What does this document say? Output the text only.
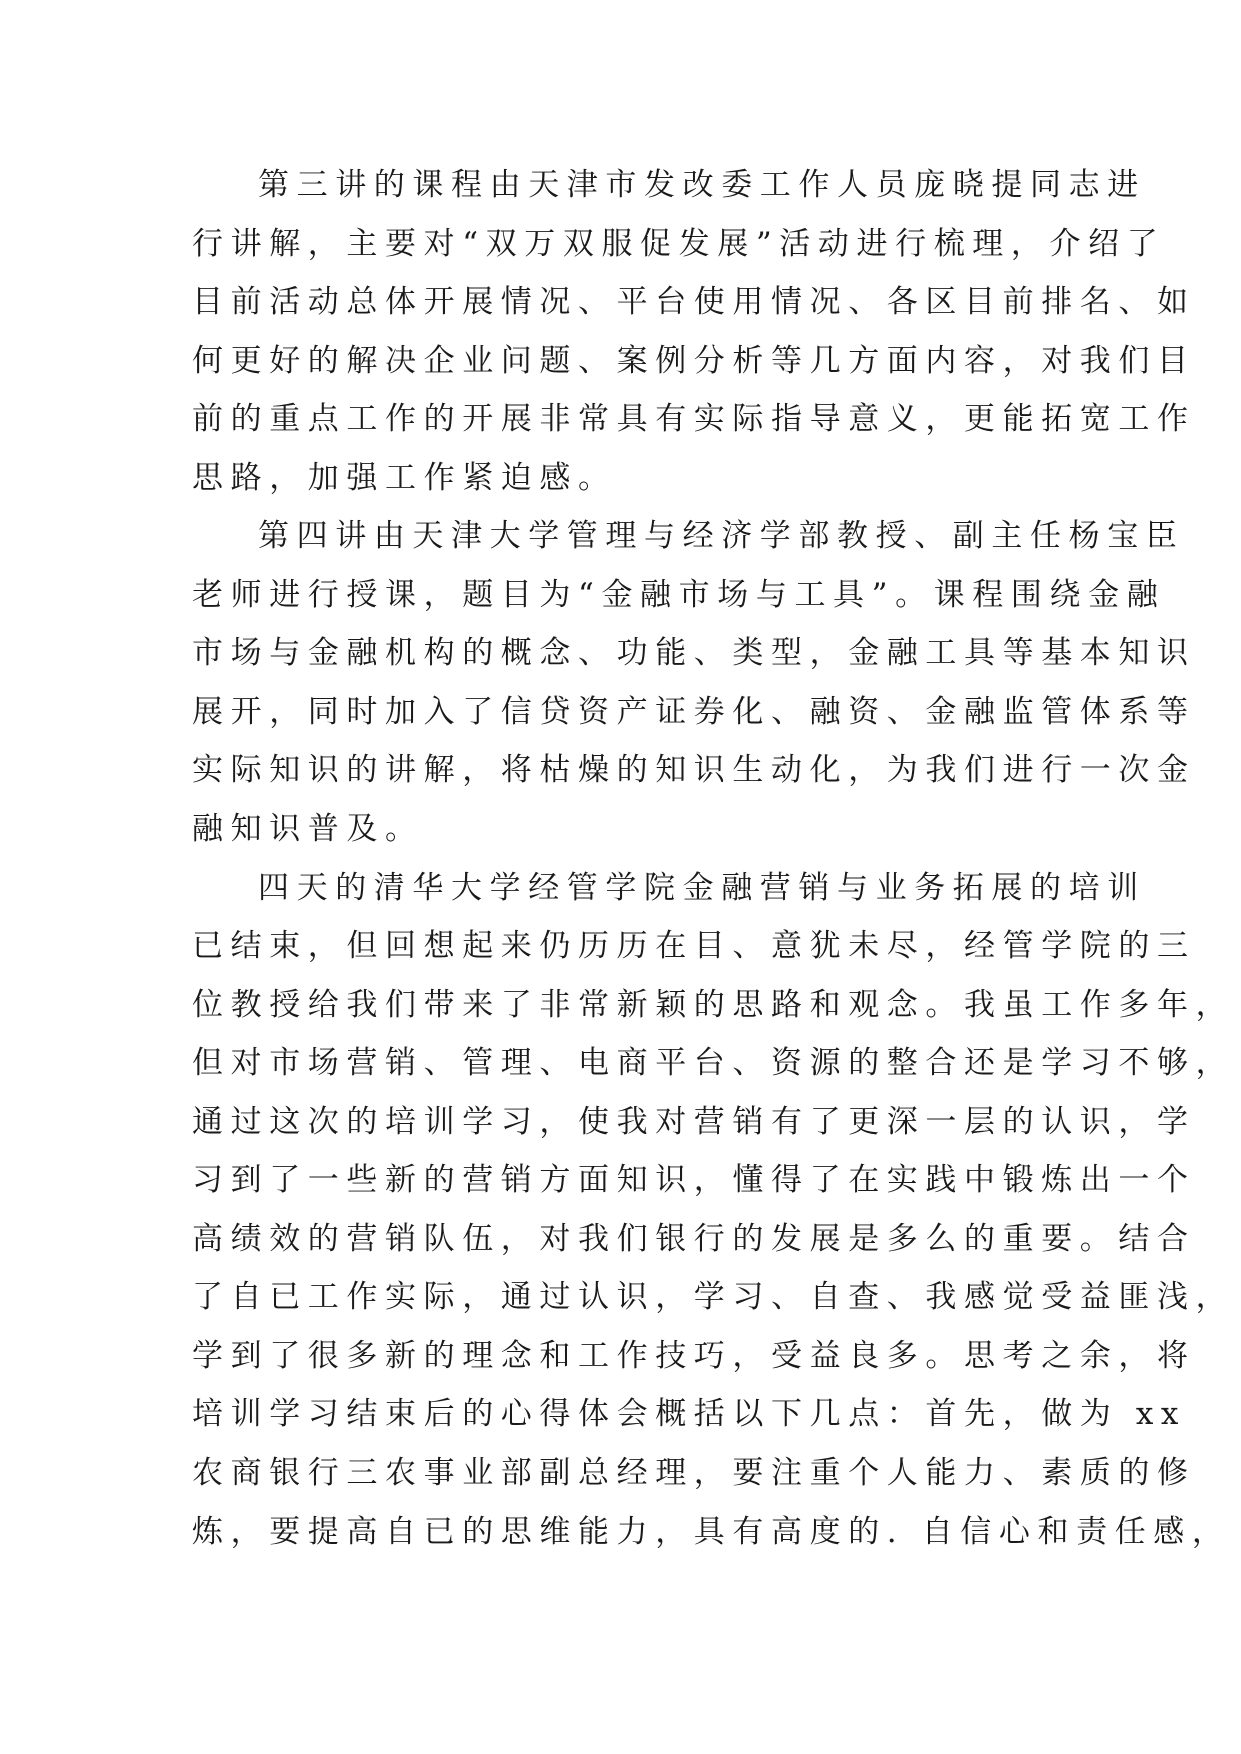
第三讲的课程由天津市发改委工作人员庞晓提同志进
行讲解，主要对“双万双服促发展”活动进行梳理，介绍了
目前活动总体开展情况、平台使用情况、各区目前排名、如
何更好的解决企业问题、案例分析等几方面内容，对我们目
前的重点工作的开展非常具有实际指导意义，更能拓宽工作
思路，加强工作紧迫感。
第四讲由天津大学管理与经济学部教授、副主任杨宝臣
老师进行授课，题目为“金融市场与工具”。课程围绕金融
市场与金融机构的概念、功能、类型，金融工具等基本知识
展开，同时加入了信贷资产证券化、融资、金融监管体系等
实际知识的讲解，将枯燥的知识生动化，为我们进行一次金
融知识普及。
四天的清华大学经管学院金融营销与业务拓展的培训
已结束，但回想起来仍历历在目、意犹未尽，经管学院的三
位教授给我们带来了非常新颖的思路和观念。我虽工作多年，
但对市场营销、管理、电商平台、资源的整合还是学习不够，
通过这次的培训学习，使我对营销有了更深一层的认识，学
习到了一些新的营销方面知识，懂得了在实践中锻炼出一个
高绩效的营销队伍，对我们银行的发展是多么的重要。结合
了自已工作实际，通过认识，学习、自查、我感觉受益匪浅，
学到了很多新的理念和工作技巧，受益良多。思考之余，将
培训学习结束后的心得体会概括以下几点：首先，做为 xx
农商银行三农事业部副总经理，要注重个人能力、素质的修
炼，要提高自已的思维能力，具有高度的. 自信心和责任感，
